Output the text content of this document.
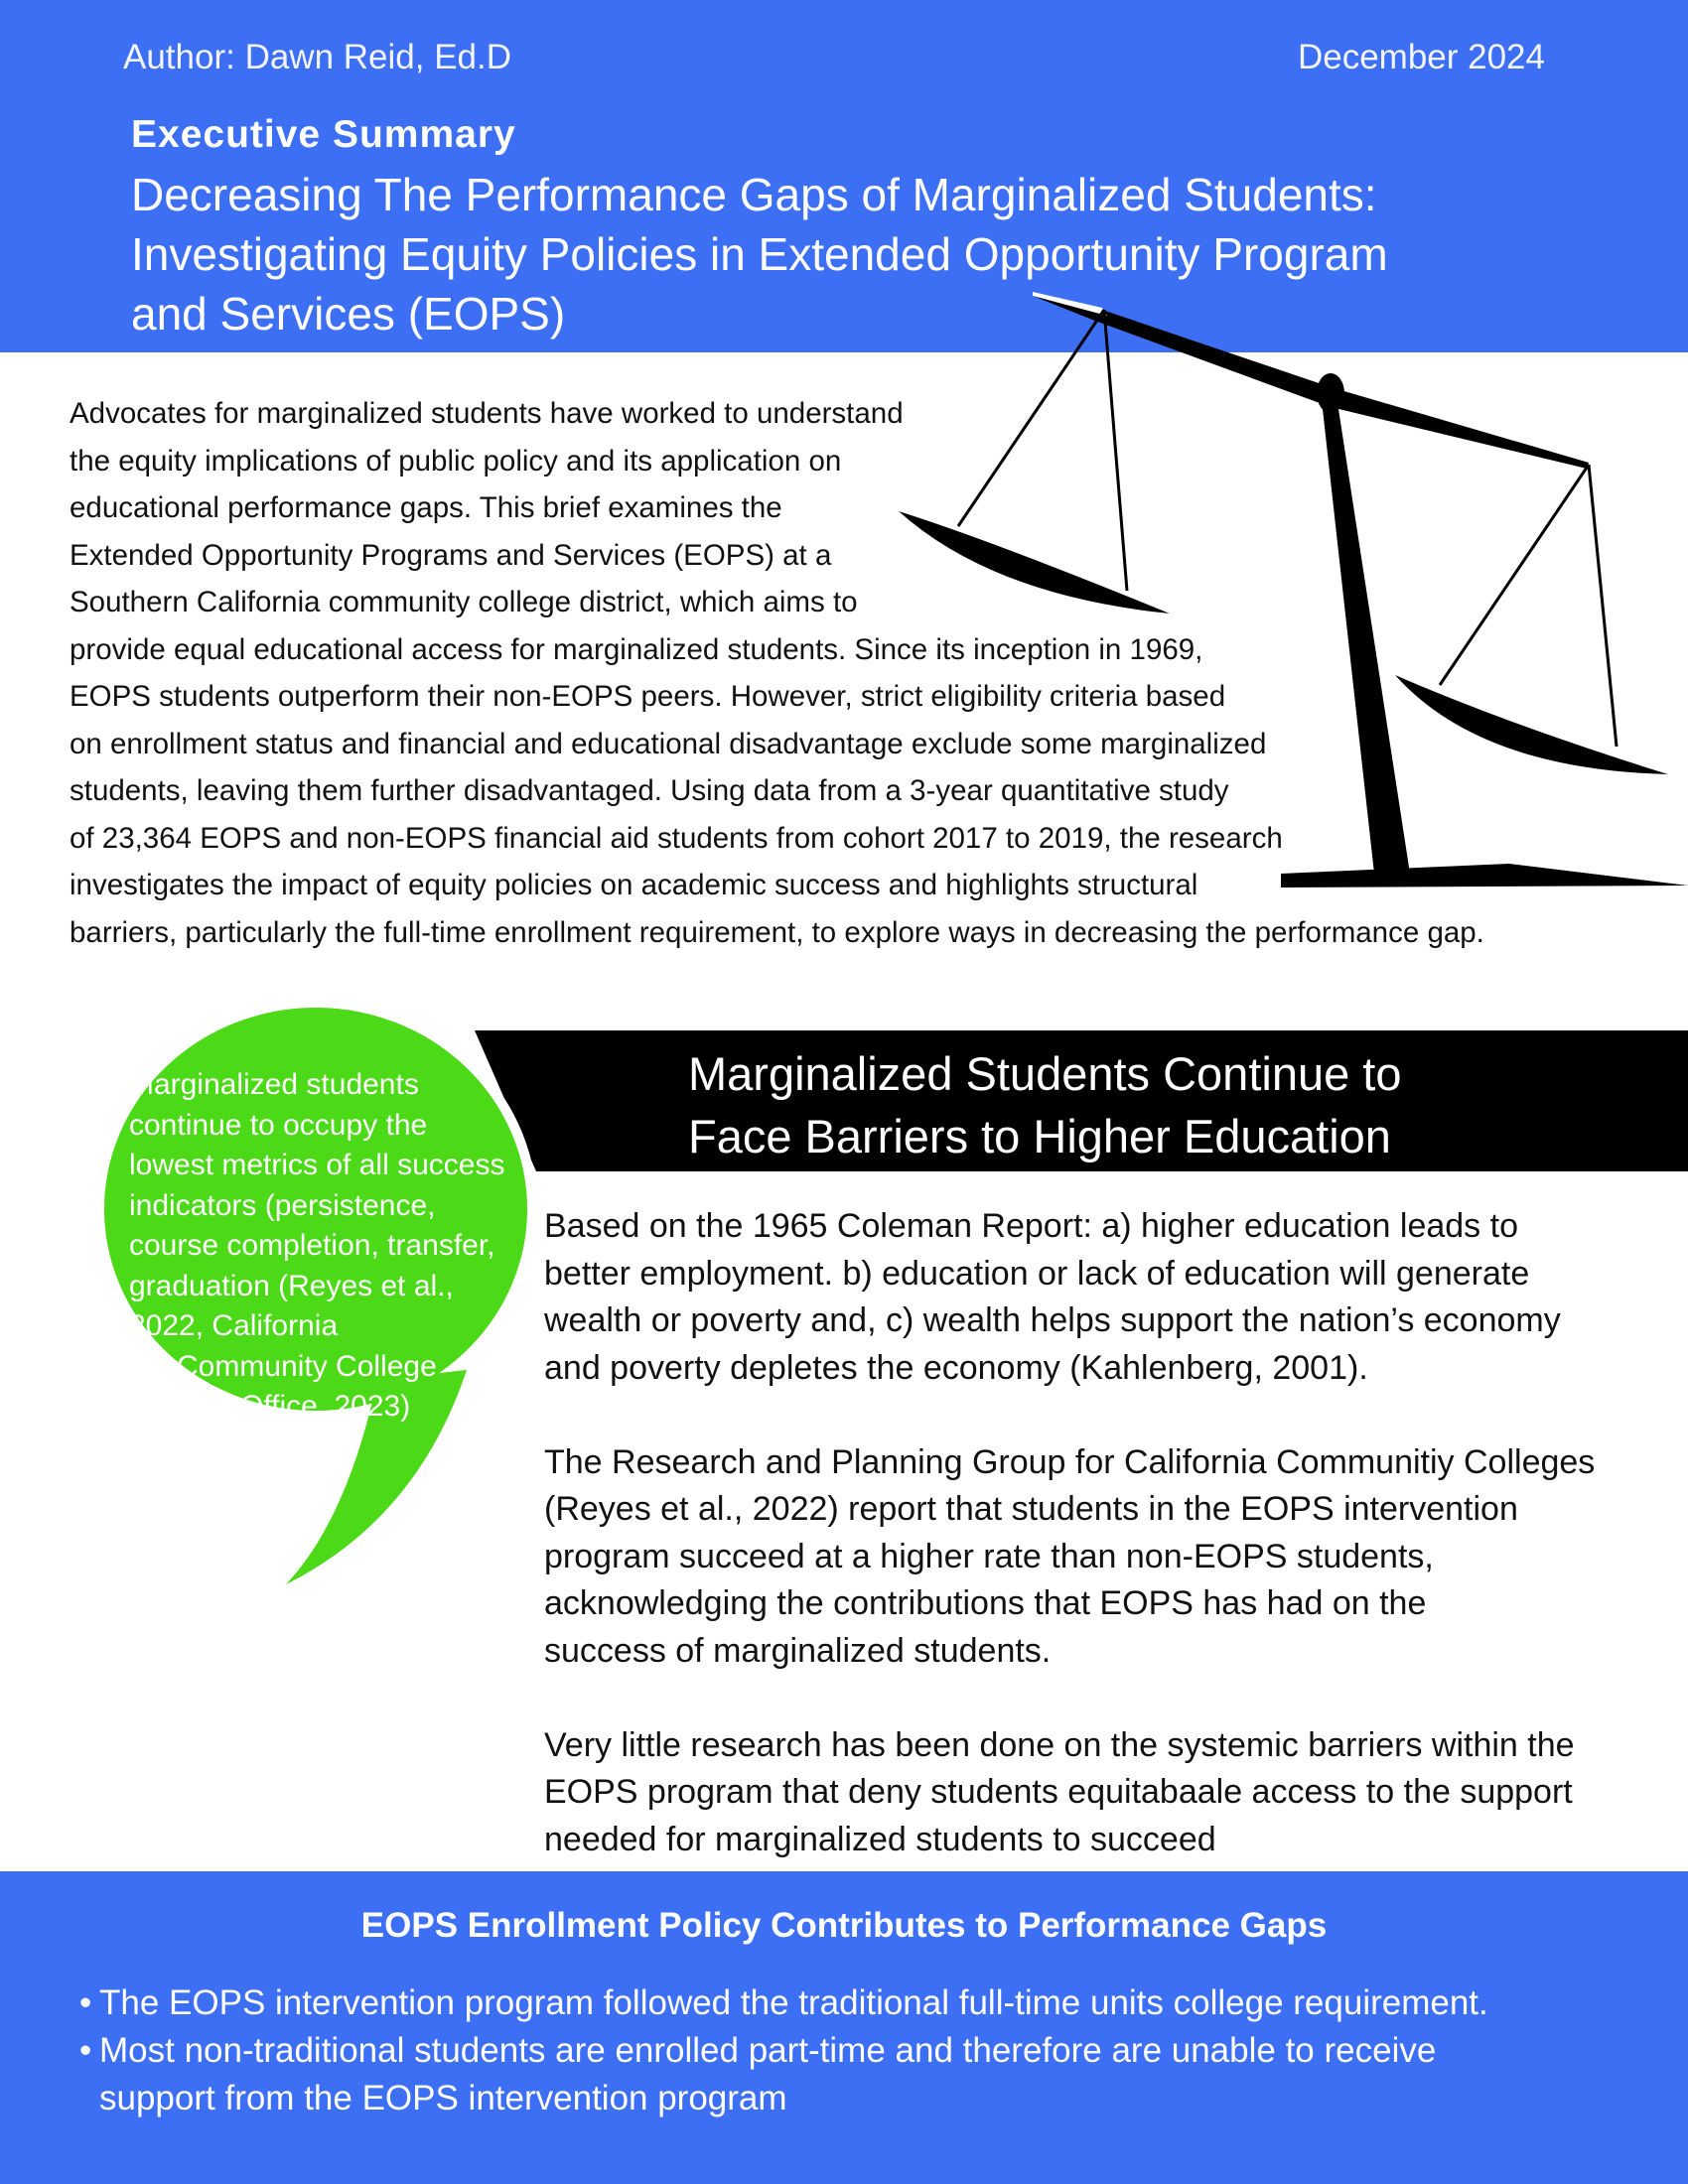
Author: Dawn Reid, Ed.D	December 2024
Executive Summary
Decreasing The Performance Gaps of Marginalized Students:
Investigating Equity Policies in Extended Opportunity Program
and Services (EOPS)
Advocates for marginalized students have worked to understand
the equity implications of public policy and its application on
educational performance gaps. This brief examines the
Extended Opportunity Programs and Services (EOPS) at a
Southern California community college district, which aims to
provide equal educational access for marginalized students. Since its inception in 1969,
EOPS students outperform their non-EOPS peers. However, strict eligibility criteria based
on enrollment status and financial and educational disadvantage exclude some marginalized
students, leaving them further disadvantaged. Using data from a 3-year quantitative study
of 23,364 EOPS and non-EOPS financial aid students from cohort 2017 to 2019, the research
investigates the impact of equity policies on academic success and highlights structural
barriers, particularly the full-time enrollment requirement, to explore ways in decreasing the performance gap.
Marginalized students
continue to occupy the
lowest metrics of all success
indicators (persistence,
course completion, transfer,
graduation (Reyes et al.,
2022, California
Community College
Office, 2023)
Marginalized Students Continue to
Face Barriers to Higher Education
Based on the 1965 Coleman Report: a) higher education leads to
better employment. b) education or lack of education will generate
wealth or poverty and, c) wealth helps support the nation’s economy
and poverty depletes the economy (Kahlenberg, 2001).
The Research and Planning Group for California Communitiy Colleges
(Reyes et al., 2022) report that students in the EOPS intervention
program succeed at a higher rate than non-EOPS students,
acknowledging the contributions that EOPS has had on the
success of marginalized students.
Very little research has been done on the systemic barriers within the
EOPS program that deny students equitabaale access to the support
needed for marginalized students to succeed
EOPS Enrollment Policy Contributes to Performance Gaps
• The EOPS intervention program followed the traditional full-time units college requirement.
• Most non-traditional students are enrolled part-time and therefore are unable to receive
support from the EOPS intervention program
